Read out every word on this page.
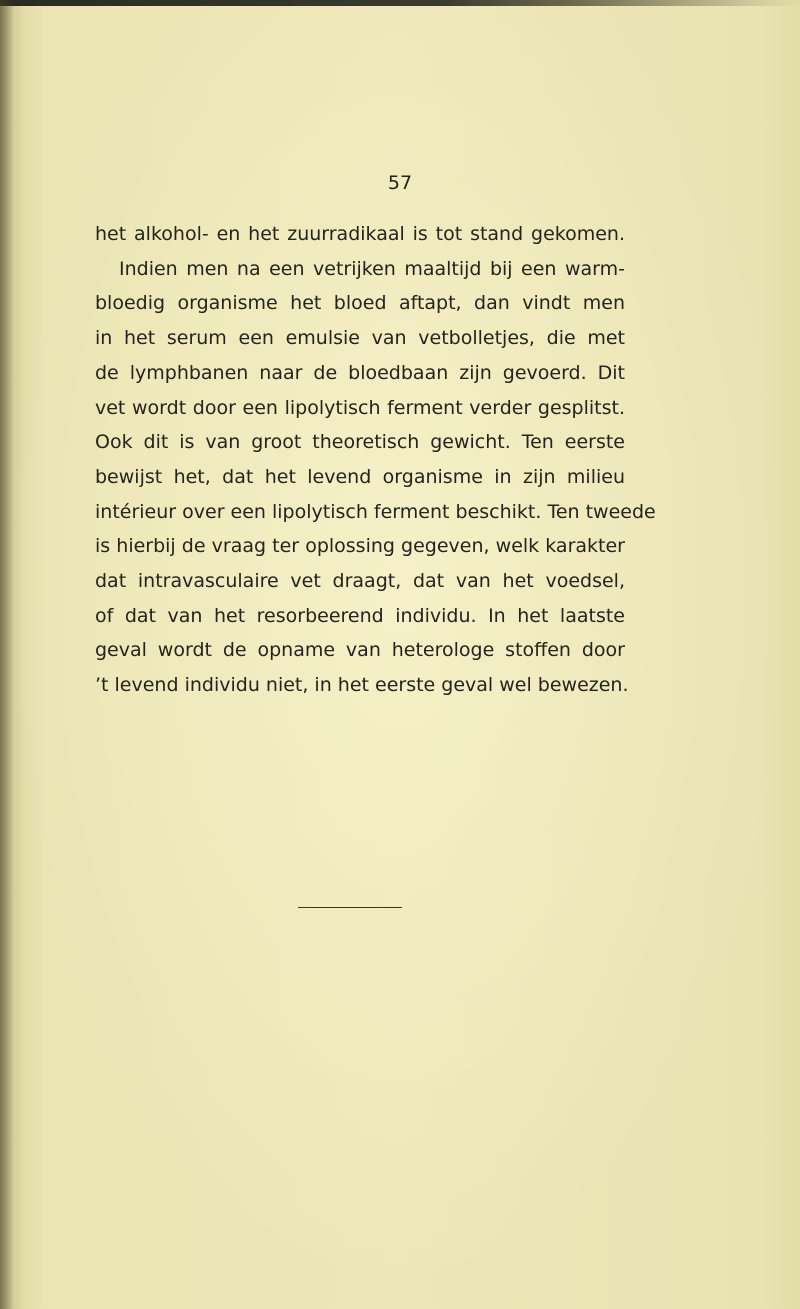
57

het alkohol- en het zuurradikaal is tot stand gekomen.
Indien men na een vetrijken maaltijd bij een warm-
bloedig organisme het bloed aftapt, dan vindt men
in het serum een emulsie van vetbolletjes, die met
de lymphbanen naar de bloedbaan zijn gevoerd. Dit
vet wordt door een lipolytisch ferment verder gesplitst.
Ook dit is van groot theoretisch gewicht. Ten eerste
bewijst het, dat het levend organisme in zijn milieu
intérieur over een lipolytisch ferment beschikt. Ten tweede
is hierbij de vraag ter oplossing gegeven, welk karakter
dat intravasculaire vet draagt, dat van het voedsel,
of dat van het resorbeerend individu. In het laatste
geval wordt de opname van heterologe stoffen door
’t levend individu niet, in het eerste geval wel bewezen.
